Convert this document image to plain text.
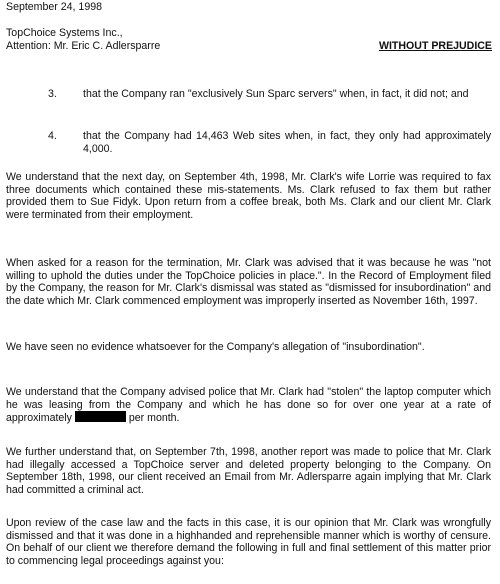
September 24, 1998
TopChoice Systems Inc.,
Attention: Mr. Eric C. Adlersparre	WITHOUT PREJUDICE
3. that the Company ran "exclusively Sun Sparc servers" when, in fact, it did not; and
4. that the Company had 14,463 Web sites when, in fact, they only had approximately 4,000.
We understand that the next day, on September 4th, 1998, Mr. Clark's wife Lorrie was required to fax three documents which contained these mis-statements. Ms. Clark refused to fax them but rather provided them to Sue Fidyk. Upon return from a coffee break, both Ms. Clark and our client Mr. Clark were terminated from their employment.
When asked for a reason for the termination, Mr. Clark was advised that it was because he was "not willing to uphold the duties under the TopChoice policies in place.". In the Record of Employment filed by the Company, the reason for Mr. Clark's dismissal was stated as "dismissed for insubordination" and the date which Mr. Clark commenced employment was improperly inserted as November 16th, 1997.
We have seen no evidence whatsoever for the Company's allegation of "insubordination".
We understand that the Company advised police that Mr. Clark had "stolen" the laptop computer which he was leasing from the Company and which he has done so for over one year at a rate of approximately	per month.
We further understand that, on September 7th, 1998, another report was made to police that Mr. Clark had illegally accessed a TopChoice server and deleted property belonging to the Company. On September 18th, 1998, our client received an Email from Mr. Adlersparre again implying that Mr. Clark had committed a criminal act.
Upon review of the case law and the facts in this case, it is our opinion that Mr. Clark was wrongfully dismissed and that it was done in a highhanded and reprehensible manner which is worthy of censure. On behalf of our client we therefore demand the following in full and final settlement of this matter prior to commencing legal proceedings against you:
